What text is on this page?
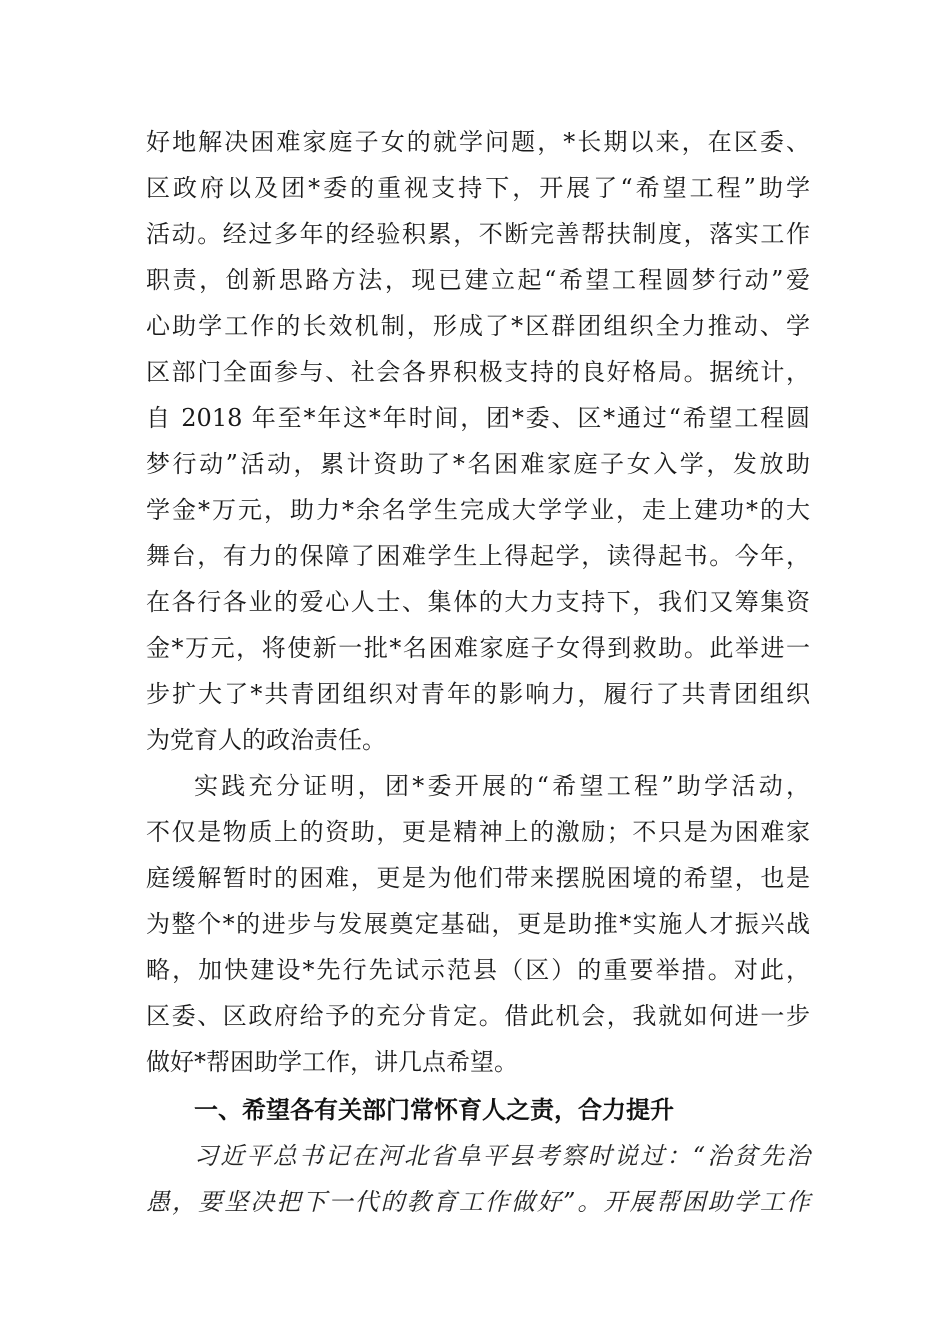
好地解决困难家庭子女的就学问题，*长期以来，在区委、
区政府以及团*委的重视支持下，开展了“希望工程”助学
活动。经过多年的经验积累，不断完善帮扶制度，落实工作
职责，创新思路方法，现已建立起“希望工程圆梦行动”爱
心助学工作的长效机制，形成了*区群团组织全力推动、学
区部门全面参与、社会各界积极支持的良好格局。据统计，
自 2018 年至*年这*年时间，团*委、区*通过“希望工程圆
梦行动”活动，累计资助了*名困难家庭子女入学，发放助
学金*万元，助力*余名学生完成大学学业，走上建功*的大
舞台，有力的保障了困难学生上得起学，读得起书。今年，
在各行各业的爱心人士、集体的大力支持下，我们又筹集资
金*万元，将使新一批*名困难家庭子女得到救助。此举进一
步扩大了*共青团组织对青年的影响力，履行了共青团组织
为党育人的政治责任。
实践充分证明，团*委开展的“希望工程”助学活动，
不仅是物质上的资助，更是精神上的激励；不只是为困难家
庭缓解暂时的困难，更是为他们带来摆脱困境的希望，也是
为整个*的进步与发展奠定基础，更是助推*实施人才振兴战
略，加快建设*先行先试示范县（区）的重要举措。对此，
区委、区政府给予的充分肯定。借此机会，我就如何进一步
做好*帮困助学工作，讲几点希望。
一、希望各有关部门常怀育人之责，合力提升
习近平总书记在河北省阜平县考察时说过：“治贫先治
愚，要坚决把下一代的教育工作做好”。开展帮困助学工作
